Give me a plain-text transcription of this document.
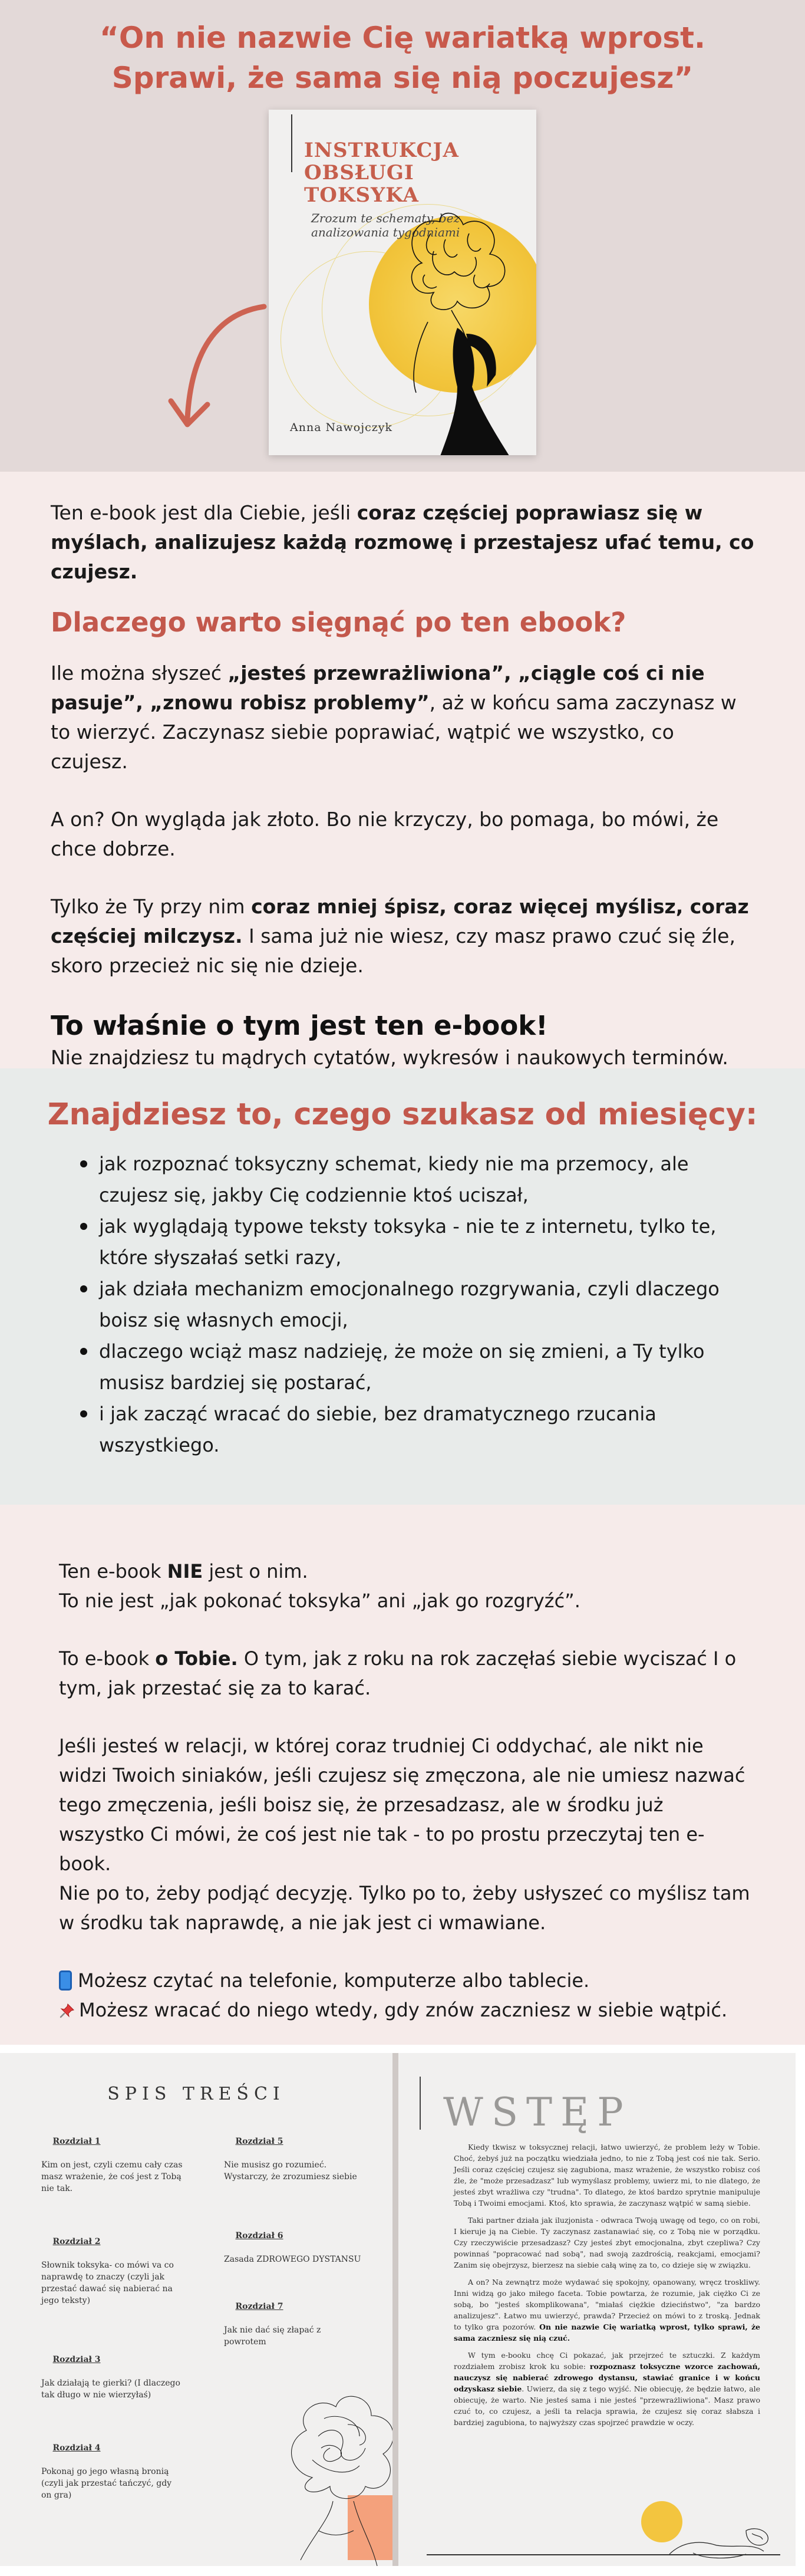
“On nie nazwie Cię wariatką wprost.
Sprawi, że sama się nią poczujesz”
INSTRUKCJA
OBSŁUGI
TOKSYKA
Zrozum te schematy, bez
analizowania tygodniami
Anna Nawojczyk

Ten e-book jest dla Ciebie, jeśli coraz częściej poprawiasz się w myślach, analizujesz każdą rozmowę i przestajesz ufać temu, co czujesz.

Dlaczego warto sięgnąć po ten ebook?

Ile można słyszeć „jesteś przewrażliwiona”, „ciągle coś ci nie pasuje”, „znowu robisz problemy”, aż w końcu sama zaczynasz w to wierzyć. Zaczynasz siebie poprawiać, wątpić we wszystko, co czujesz.

A on? On wygląda jak złoto. Bo nie krzyczy, bo pomaga, bo mówi, że chce dobrze.

Tylko że Ty przy nim coraz mniej śpisz, coraz więcej myślisz, coraz częściej milczysz. I sama już nie wiesz, czy masz prawo czuć się źle, skoro przecież nic się nie dzieje.

To właśnie o tym jest ten e-book!

Nie znajdziesz tu mądrych cytatów, wykresów i naukowych terminów.

Znajdziesz to, czego szukasz od miesięcy:
jak rozpoznać toksyczny schemat, kiedy nie ma przemocy, ale czujesz się, jakby Cię codziennie ktoś uciszał,
jak wyglądają typowe teksty toksyka - nie te z internetu, tylko te, które słyszałaś setki razy,
jak działa mechanizm emocjonalnego rozgrywania, czyli dlaczego boisz się własnych emocji,
dlaczego wciąż masz nadzieję, że może on się zmieni, a Ty tylko musisz bardziej się postarać,
i jak zacząć wracać do siebie, bez dramatycznego rzucania wszystkiego.

Ten e-book NIE jest o nim.

To nie jest „jak pokonać toksyka” ani „jak go rozgryźć”.

To e-book o Tobie. O tym, jak z roku na rok zaczęłaś siebie wyciszać I o tym, jak przestać się za to karać.

Jeśli jesteś w relacji, w której coraz trudniej Ci oddychać, ale nikt nie widzi Twoich siniaków, jeśli czujesz się zmęczona, ale nie umiesz nazwać tego zmęczenia, jeśli boisz się, że przesadzasz, ale w środku już wszystko Ci mówi, że coś jest nie tak - to po prostu przeczytaj ten e-book.

Nie po to, żeby podjąć decyzję. Tylko po to, żeby usłyszeć co myślisz tam w środku tak naprawdę, a nie jak jest ci wmawiane.

Możesz czytać na telefonie, komputerze albo tablecie.

Możesz wracać do niego wtedy, gdy znów zaczniesz w siebie wątpić.

SPIS TREŚCI
Rozdział 1
Kim on jest, czyli czemu cały czas masz wrażenie, że coś jest z Tobą nie tak.
Rozdział 2
Słownik toksyka- co mówi va co naprawdę to znaczy (czyli jak przestać dawać się nabierać na jego teksty)
Rozdział 3
Jak działają te gierki? (I dlaczego tak długo w nie wierzyłaś)
Rozdział 4
Pokonaj go jego własną bronią (czyli jak przestać tańczyć, gdy on gra)
Rozdział 5
Nie musisz go rozumieć. Wystarczy, że zrozumiesz siebie
Rozdział 6
Zasada ZDROWEGO DYSTANSU
Rozdział 7
Jak nie dać się złapać z powrotem
WSTĘP

Kiedy tkwisz w toksycznej relacji, łatwo uwierzyć, że problem leży w Tobie. Choć, żebyś już na początku wiedziała jedno, to nie z Tobą jest coś nie tak. Serio. Jeśli coraz częściej czujesz się zagubiona, masz wrażenie, że wszystko robisz coś źle, że "może przesadzasz" lub wymyślasz problemy, uwierz mi, to nie dlatego, że jesteś zbyt wrażliwa czy "trudna". To dlatego, że ktoś bardzo sprytnie manipuluje Tobą i Twoimi emocjami. Ktoś, kto sprawia, że zaczynasz wątpić w samą siebie.

Taki partner działa jak iluzjonista - odwraca Twoją uwagę od tego, co on robi, I kieruje ją na Ciebie. Ty zaczynasz zastanawiać się, co z Tobą nie w porządku. Czy rzeczywiście przesadzasz? Czy jesteś zbyt emocjonalna, zbyt czepliwa? Czy powinnaś "popracować nad sobą", nad swoją zazdrością, reakcjami, emocjami? Zanim się obejrzysz, bierzesz na siebie całą winę za to, co dzieje się w związku.

A on? Na zewnątrz może wydawać się spokojny, opanowany, wręcz troskliwy. Inni widzą go jako miłego faceta. Tobie powtarza, że rozumie, jak ciężko Ci ze sobą, bo "jesteś skomplikowana", "miałaś ciężkie dzieciństwo", "za bardzo analizujesz". Łatwo mu uwierzyć, prawda? Przecież on mówi to z troską. Jednak to tylko gra pozorów. On nie nazwie Cię wariatką wprost, tylko sprawi, że sama zaczniesz się nią czuć.

W tym e-booku chcę Ci pokazać, jak przejrzeć te sztuczki. Z każdym rozdziałem zrobisz krok ku sobie: rozpoznasz toksyczne wzorce zachowań, nauczysz się nabierać zdrowego dystansu, stawiać granice i w końcu odzyskasz siebie. Uwierz, da się z tego wyjść. Nie obiecuję, że będzie łatwo, ale obiecuję, że warto. Nie jesteś sama i nie jesteś "przewrażliwiona". Masz prawo czuć to, co czujesz, a jeśli ta relacja sprawia, że czujesz się coraz słabsza i bardziej zagubiona, to najwyższy czas spojrzeć prawdzie w oczy.
